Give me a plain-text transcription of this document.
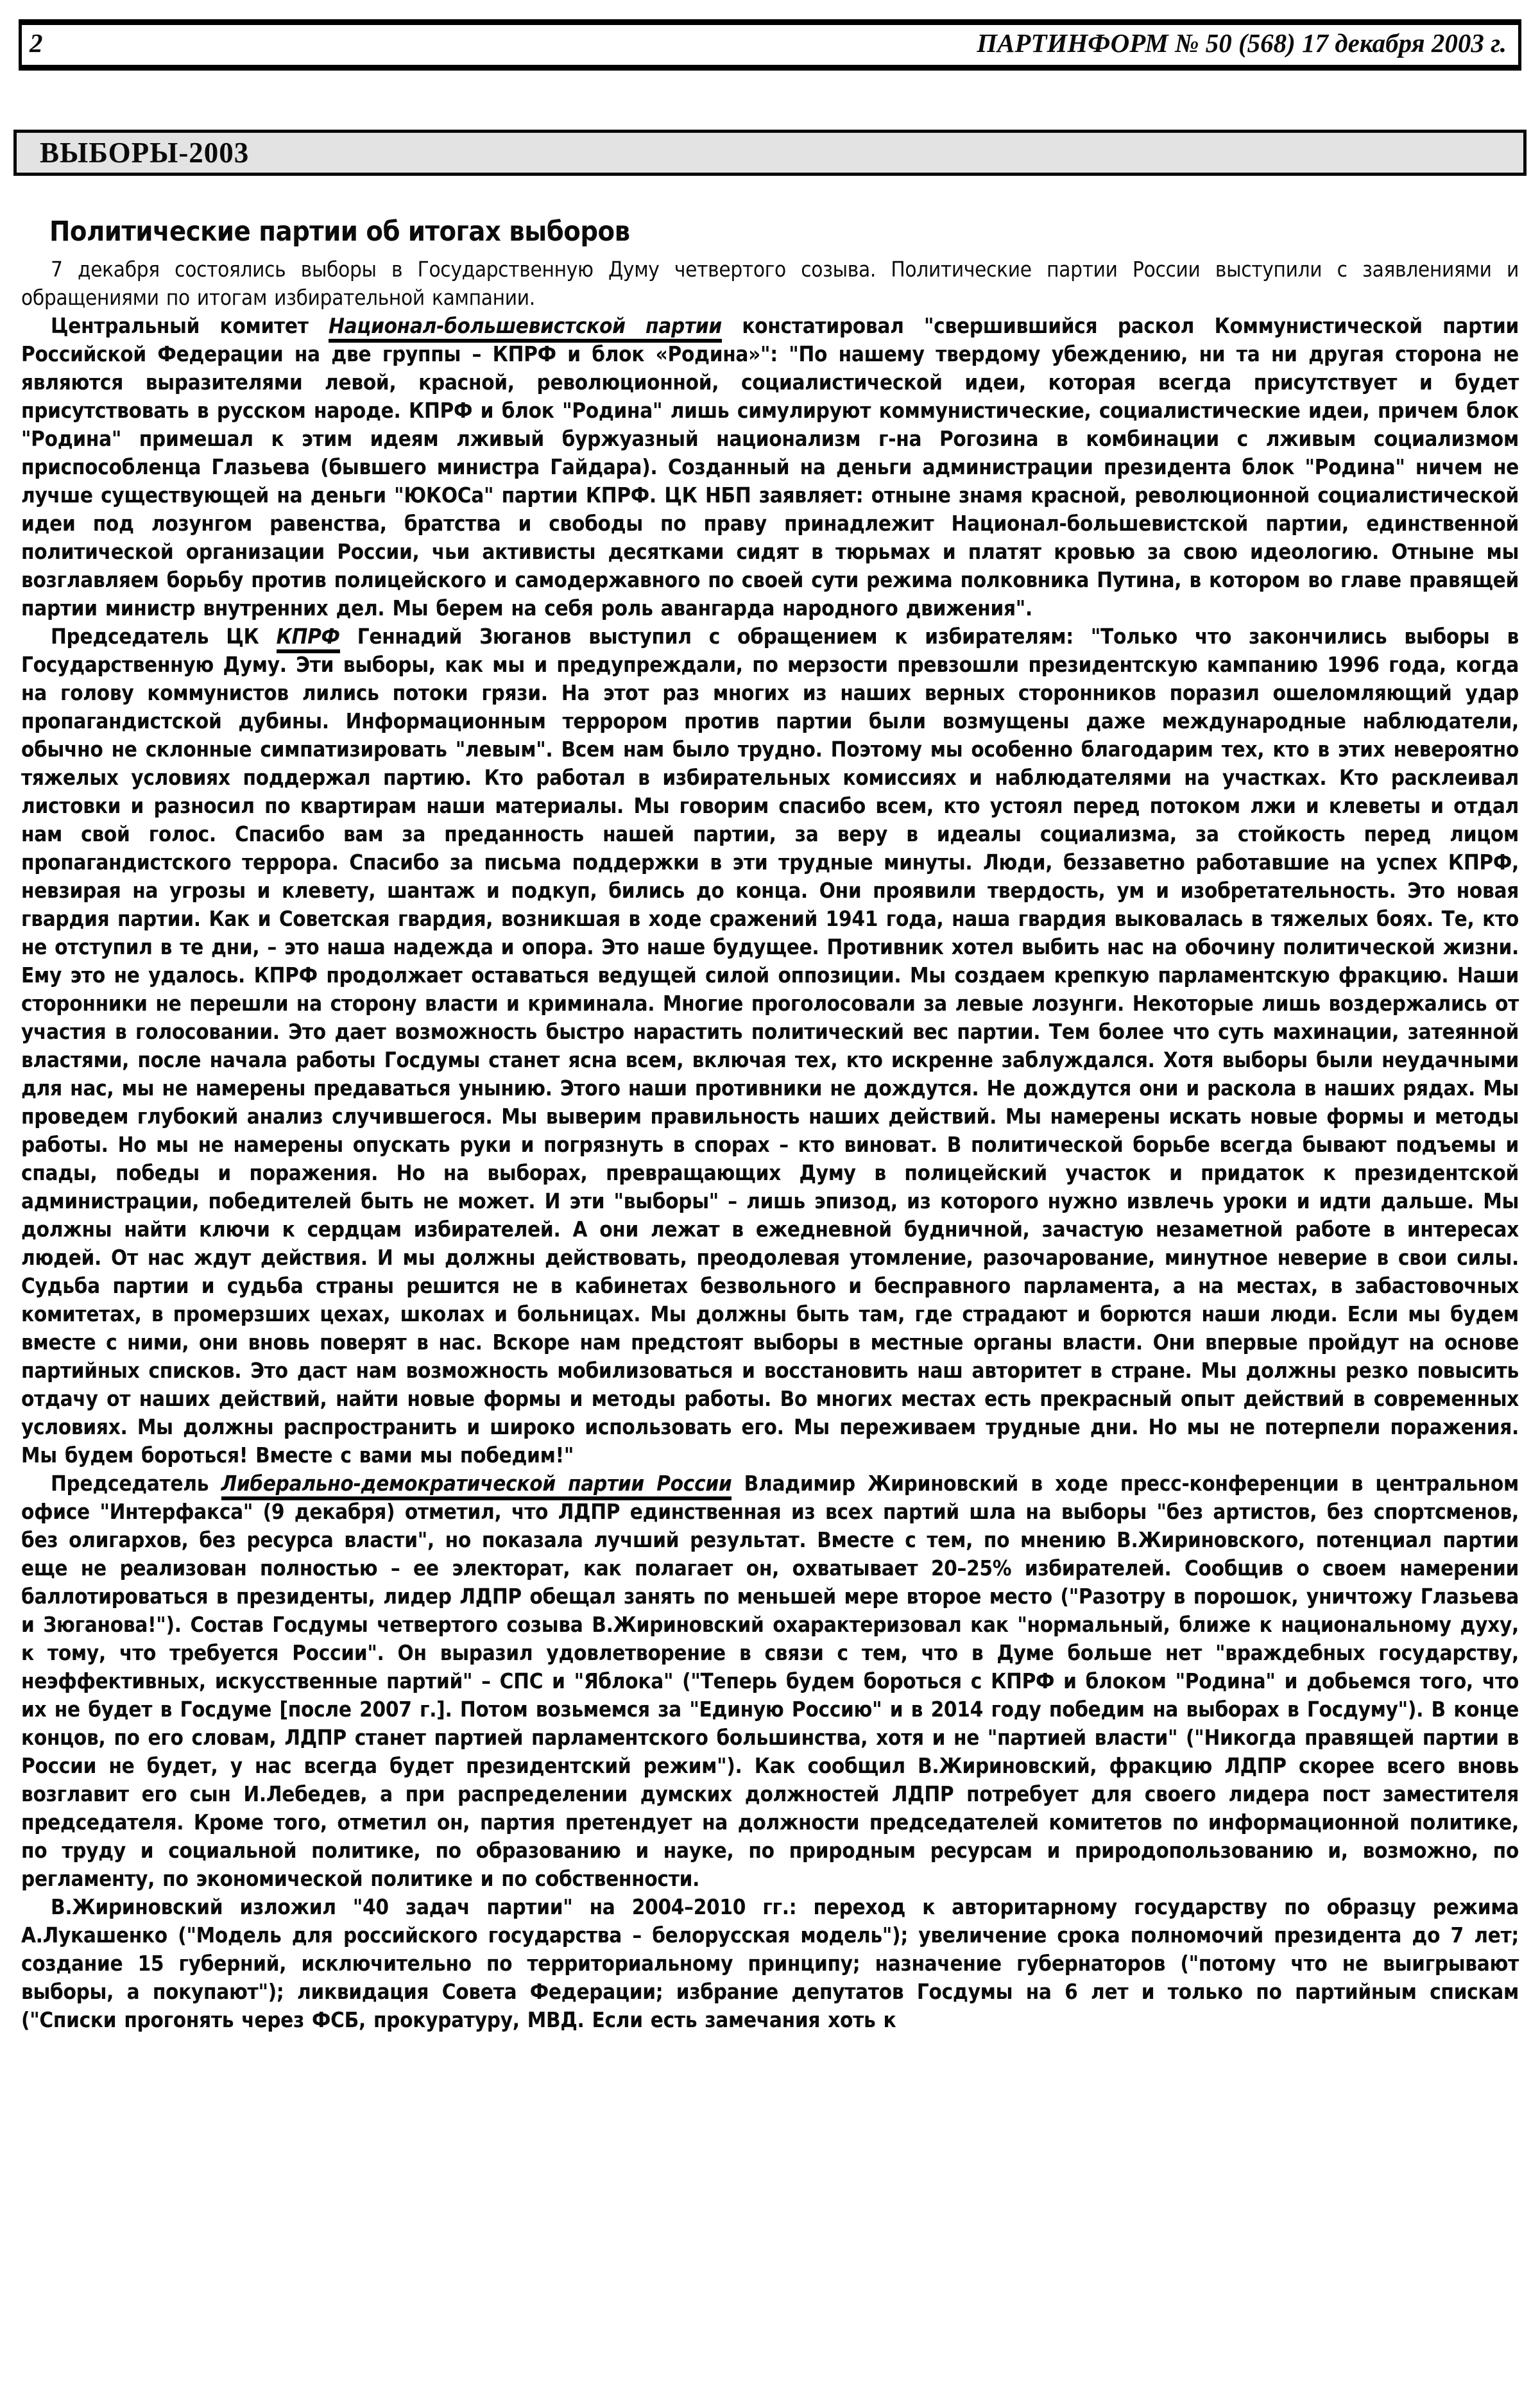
2	ПАРТИНФОРМ № 50 (568) 17 декабря 2003 г.
ВЫБОРЫ-2003
Политические партии об итогах выборов

7 декабря состоялись выборы в Государственную Думу четвертого созыва. Политические партии России выступили с заявлениями и обращениями по итогам избирательной кампании.

Центральный комитет Национал-большевистской партии констатировал "свершившийся раскол Коммунистической партии Российской Федерации на две группы – КПРФ и блок «Родина»": "По нашему твердому убеждению, ни та ни другая сторона не являются выразителями левой, красной, революционной, социалистической идеи, которая всегда присутствует и будет присутствовать в русском народе. КПРФ и блок "Родина" лишь симулируют коммунистические, социалистические идеи, причем блок "Родина" примешал к этим идеям лживый буржуазный национализм г-на Рогозина в комбинации с лживым социализмом приспособленца Глазьева (бывшего министра Гайдара). Созданный на деньги администрации президента блок "Родина" ничем не лучше существующей на деньги "ЮКОСа" партии КПРФ. ЦК НБП заявляет: отныне знамя красной, революционной социалистической идеи под лозунгом равенства, братства и свободы по праву принадлежит Национал-большевистской партии, единственной политической организации России, чьи активисты десятками сидят в тюрьмах и платят кровью за свою идеологию. Отныне мы возглавляем борьбу против полицейского и самодержавного по своей сути режима полковника Путина, в котором во главе правящей партии министр внутренних дел. Мы берем на себя роль авангарда народного движения".

Председатель ЦК КПРФ Геннадий Зюганов выступил с обращением к избирателям: "Только что закончились выборы в Государственную Думу. Эти выборы, как мы и предупреждали, по мерзости превзошли президентскую кампанию 1996 года, когда на голову коммунистов лились потоки грязи. На этот раз многих из наших верных сторонников поразил ошеломляющий удар пропагандистской дубины. Информационным террором против партии были возмущены даже международные наблюдатели, обычно не склонные симпатизировать "левым". Всем нам было трудно. Поэтому мы особенно благодарим тех, кто в этих невероятно тяжелых условиях поддержал партию. Кто работал в избирательных комиссиях и наблюдателями на участках. Кто расклеивал листовки и разносил по квартирам наши материалы. Мы говорим спасибо всем, кто устоял перед потоком лжи и клеветы и отдал нам свой голос. Спасибо вам за преданность нашей партии, за веру в идеалы социализма, за стойкость перед лицом пропагандистского террора. Спасибо за письма поддержки в эти трудные минуты. Люди, беззаветно работавшие на успех КПРФ, невзирая на угрозы и клевету, шантаж и подкуп, бились до конца. Они проявили твердость, ум и изобретательность. Это новая гвардия партии. Как и Советская гвардия, возникшая в ходе сражений 1941 года, наша гвардия выковалась в тяжелых боях. Те, кто не отступил в те дни, – это наша надежда и опора. Это наше будущее. Противник хотел выбить нас на обочину политической жизни. Ему это не удалось. КПРФ продолжает оставаться ведущей силой оппозиции. Мы создаем крепкую парламентскую фракцию. Наши сторонники не перешли на сторону власти и криминала. Многие проголосовали за левые лозунги. Некоторые лишь воздержались от участия в голосовании. Это дает возможность быстро нарастить политический вес партии. Тем более что суть махинации, затеянной властями, после начала работы Госдумы станет ясна всем, включая тех, кто искренне заблуждался. Хотя выборы были неудачными для нас, мы не намерены предаваться унынию. Этого наши противники не дождутся. Не дождутся они и раскола в наших рядах. Мы проведем глубокий анализ случившегося. Мы выверим правильность наших действий. Мы намерены искать новые формы и методы работы. Но мы не намерены опускать руки и погрязнуть в спорах – кто виноват. В политической борьбе всегда бывают подъемы и спады, победы и поражения. Но на выборах, превращающих Думу в полицейский участок и придаток к президентской администрации, победителей быть не может. И эти "выборы" – лишь эпизод, из которого нужно извлечь уроки и идти дальше. Мы должны найти ключи к сердцам избирателей. А они лежат в ежедневной будничной, зачастую незаметной работе в интересах людей. От нас ждут действия. И мы должны действовать, преодолевая утомление, разочарование, минутное неверие в свои силы. Судьба партии и судьба страны решится не в кабинетах безвольного и бесправного парламента, а на местах, в забастовочных комитетах, в промерзших цехах, школах и больницах. Мы должны быть там, где страдают и борются наши люди. Если мы будем вместе с ними, они вновь поверят в нас. Вскоре нам предстоят выборы в местные органы власти. Они впервые пройдут на основе партийных списков. Это даст нам возможность мобилизоваться и восстановить наш авторитет в стране. Мы должны резко повысить отдачу от наших действий, найти новые формы и методы работы. Во многих местах есть прекрасный опыт действий в современных условиях. Мы должны распространить и широко использовать его. Мы переживаем трудные дни. Но мы не потерпели поражения. Мы будем бороться! Вместе с вами мы победим!"

Председатель Либерально-демократической партии России Владимир Жириновский в ходе пресс-конференции в центральном офисе "Интерфакса" (9 декабря) отметил, что ЛДПР единственная из всех партий шла на выборы "без артистов, без спортсменов, без олигархов, без ресурса власти", но показала лучший результат. Вместе с тем, по мнению В.Жириновского, потенциал партии еще не реализован полностью – ее электорат, как полагает он, охватывает 20–25% избирателей. Сообщив о своем намерении баллотироваться в президенты, лидер ЛДПР обещал занять по меньшей мере второе место ("Разотру в порошок, уничтожу Глазьева и Зюганова!"). Состав Госдумы четвертого созыва В.Жириновский охарактеризовал как "нормальный, ближе к национальному духу, к тому, что требуется России". Он выразил удовлетворение в связи с тем, что в Думе больше нет "враждебных государству, неэффективных, искусственные партий" – СПС и "Яблока" ("Теперь будем бороться с КПРФ и блоком "Родина" и добьемся того, что их не будет в Госдуме [после 2007 г.]. Потом возьмемся за "Единую Россию" и в 2014 году победим на выборах в Госдуму"). В конце концов, по его словам, ЛДПР станет партией парламентского большинства, хотя и не "партией власти" ("Никогда правящей партии в России не будет, у нас всегда будет президентский режим"). Как сообщил В.Жириновский, фракцию ЛДПР скорее всего вновь возглавит его сын И.Лебедев, а при распределении думских должностей ЛДПР потребует для своего лидера пост заместителя председателя. Кроме того, отметил он, партия претендует на должности председателей комитетов по информационной политике, по труду и социальной политике, по образованию и науке, по природным ресурсам и природопользованию и, возможно, по регламенту, по экономической политике и по собственности.

В.Жириновский изложил "40 задач партии" на 2004–2010 гг.: переход к авторитарному государству по образцу режима А.Лукашенко ("Модель для российского государства – белорусская модель"); увеличение срока полномочий президента до 7 лет; создание 15 губерний, исключительно по территориальному принципу; назначение губернаторов ("потому что не выигрывают выборы, а покупают"); ликвидация Совета Федерации; избрание депутатов Госдумы на 6 лет и только по партийным спискам ("Списки прогонять через ФСБ, прокуратуру, МВД. Если есть замечания хоть к
